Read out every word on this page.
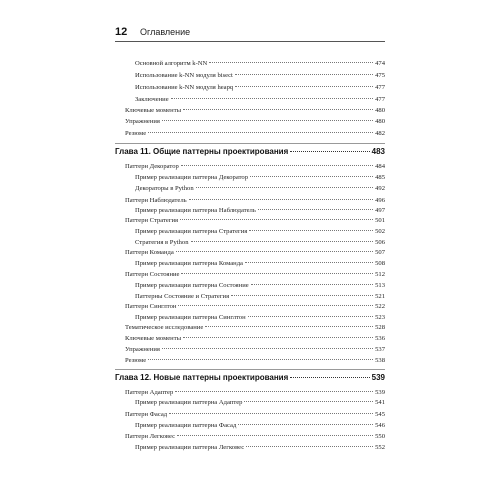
12 Оглавление
Основной алгоритм k-NN	474
Использование k-NN модуля bisect	475
Использование k-NN модуля heapq	477
Заключение	477
Ключевые моменты	480
Упражнения	480
Резюме	482
Глава 11. Общие паттерны проектирования	483
Паттерн Декоратор	484
Пример реализации паттерна Декоратор	485
Декораторы в Python	492
Паттерн Наблюдатель	496
Пример реализации паттерна Наблюдатель	497
Паттерн Стратегия	501
Пример реализации паттерна Стратегия	502
Стратегия в Python	506
Паттерн Команда	507
Пример реализации паттерна Команда	508
Паттерн Состояние	512
Пример реализации паттерна Состояние	513
Паттерны Состояние и Стратегия	521
Паттерн Синглтон	522
Пример реализации паттерна Синглтон	523
Тематическое исследование	528
Ключевые моменты	536
Упражнения	537
Резюме	538
Глава 12. Новые паттерны проектирования	539
Паттерн Адаптер	539
Пример реализации паттерна Адаптер	541
Паттерн Фасад	545
Пример реализации паттерна Фасад	546
Паттерн Легковес	550
Пример реализации паттерна Легковес	552
